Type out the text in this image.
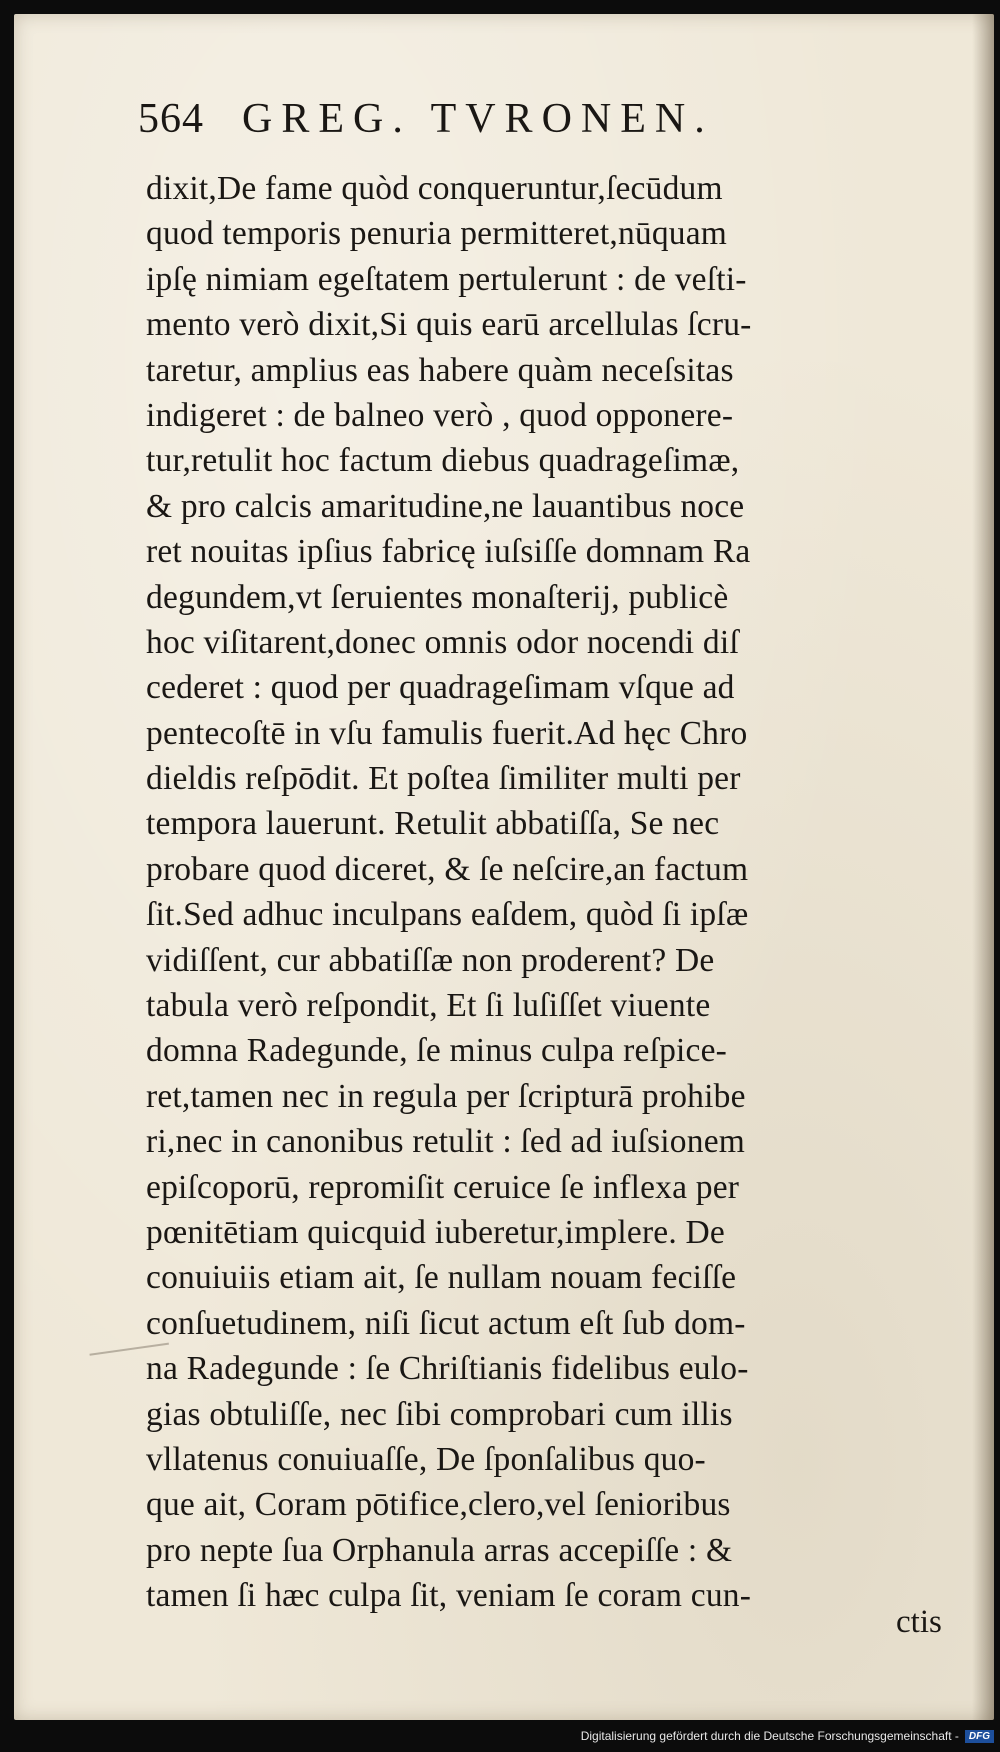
564 GREG. TVRONEN.
dixit,De fame quòd conqueruntur,ſecūdum
quod temporis penuria permitteret,nūquam
ipſę nimiam egeſtatem pertulerunt : de veſti-
mento verò dixit,Si quis earū arcellulas ſcru-
taretur, amplius eas habere quàm neceſsitas
indigeret : de balneo verò , quod opponere-
tur,retulit hoc factum diebus quadrageſimæ,
& pro calcis amaritudine,ne lauantibus noce
ret nouitas ipſius fabricę iuſsiſſe domnam Ra
degundem,vt ſeruientes monaſterij, publicè
hoc viſitarent,donec omnis odor nocendi diſ
cederet : quod per quadrageſimam vſque ad
pentecoſtē in vſu famulis fuerit.Ad hęc Chro
dieldis reſpōdit. Et poſtea ſimiliter multi per
tempora lauerunt. Retulit abbatiſſa, Se nec
probare quod diceret, & ſe neſcire,an factum
ſit.Sed adhuc inculpans eaſdem, quòd ſi ipſæ
vidiſſent, cur abbatiſſæ non proderent? De
tabula verò reſpondit, Et ſi luſiſſet viuente
domna Radegunde, ſe minus culpa reſpice-
ret,tamen nec in regula per ſcripturā prohibe
ri,nec in canonibus retulit : ſed ad iuſsionem
epiſcoporū, repromiſit ceruice ſe inflexa per
pœnitētiam quicquid iuberetur,implere. De
conuiuiis etiam ait, ſe nullam nouam feciſſe
conſuetudinem, niſi ſicut actum eſt ſub dom-
na Radegunde : ſe Chriſtianis fidelibus eulo-
gias obtuliſſe, nec ſibi comprobari cum illis
vllatenus conuiuaſſe, De ſponſalibus quo-
que ait, Coram pōtifice,clero,vel ſenioribus
pro nepte ſua Orphanula arras accepiſſe : &
tamen ſi hæc culpa ſit, veniam ſe coram cun-
ctis
Digitalisierung gefördert durch die Deutsche Forschungsgemeinschaft -	DFG
